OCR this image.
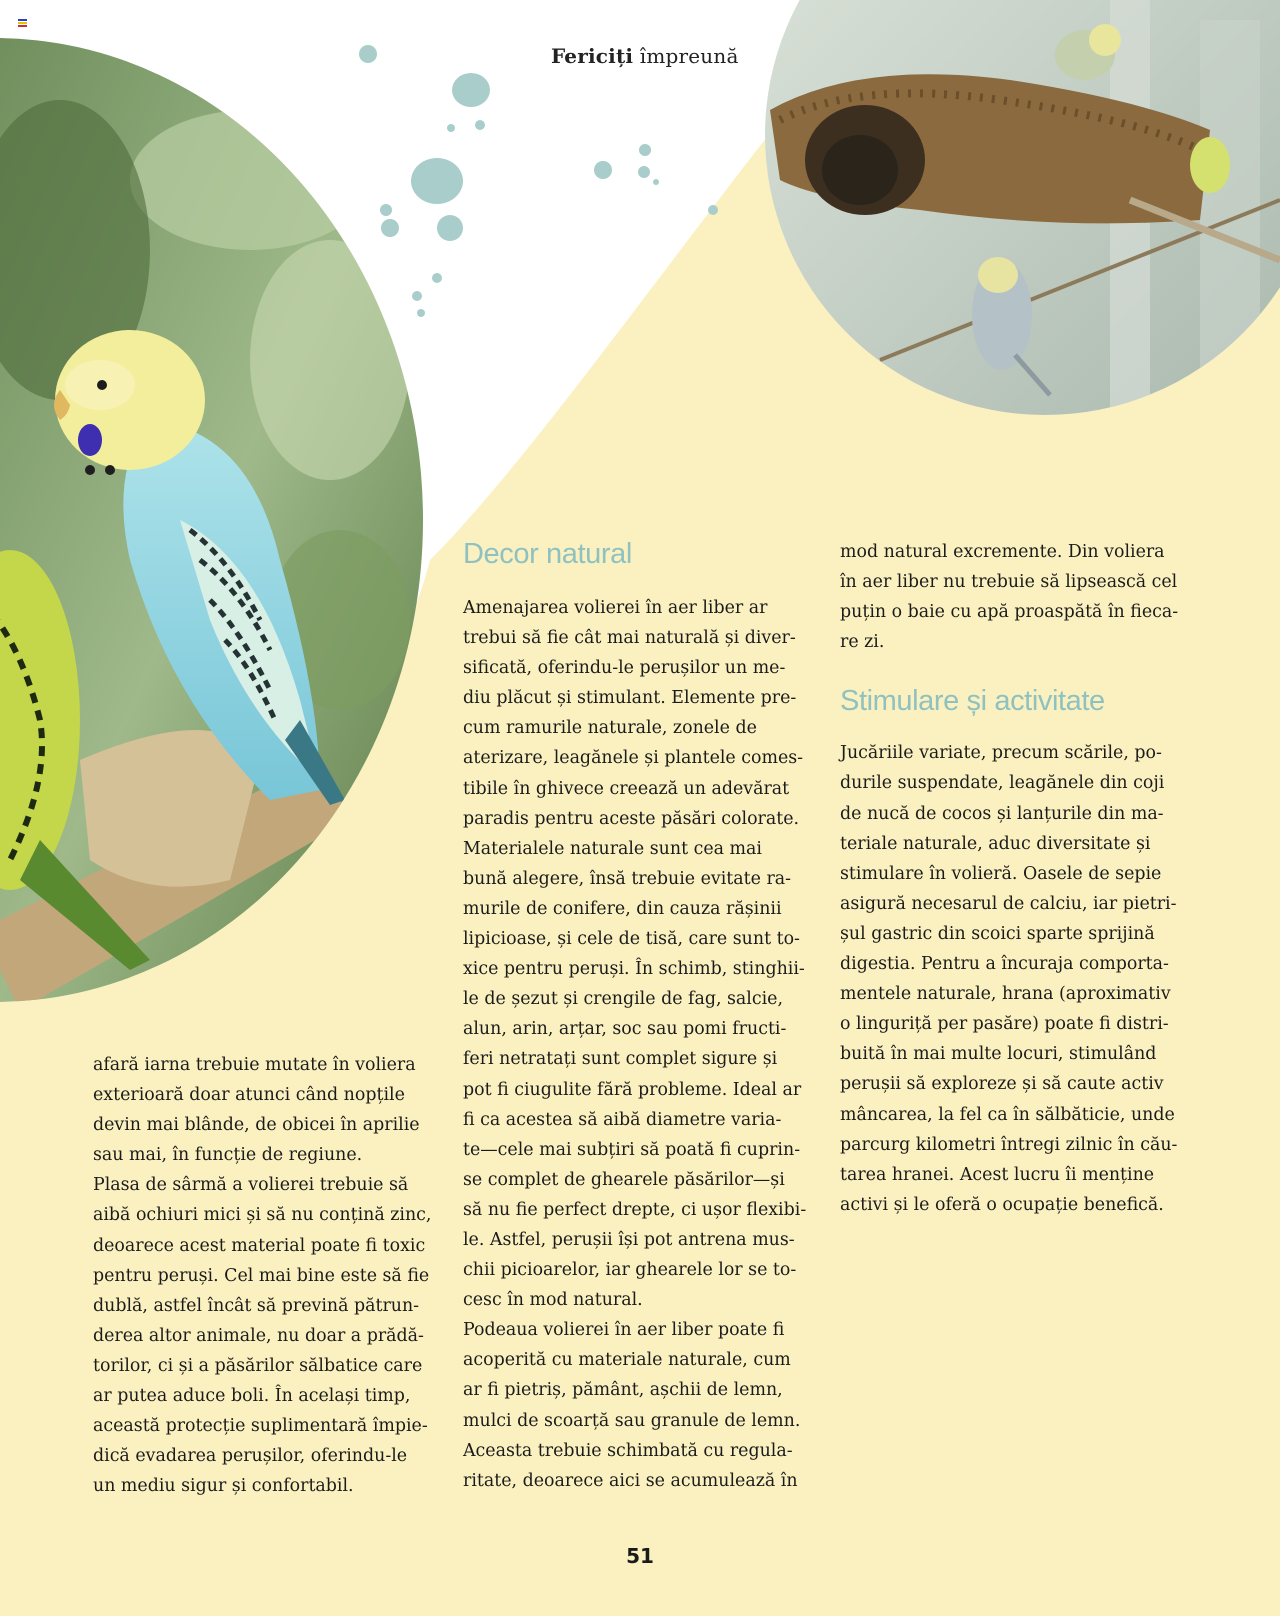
Fericiți împreună

afară iarna trebuie mutate în voliera
exterioară doar atunci când nopțile
devin mai blânde, de obicei în aprilie
sau mai, în funcție de regiune.
Plasa de sârmă a volierei trebuie să
aibă ochiuri mici și să nu conțină zinc,
deoarece acest material poate fi toxic
pentru peruși. Cel mai bine este să fie
dublă, astfel încât să prevină pătrun-
derea altor animale, nu doar a prădă-
torilor, ci și a păsărilor sălbatice care
ar putea aduce boli. În același timp,
această protecție suplimentară împie-
dică evadarea perușilor, oferindu-le
un mediu sigur și confortabil.

Decor natural

Amenajarea volierei în aer liber ar
trebui să fie cât mai naturală și diver-
sificată, oferindu-le perușilor un me-
diu plăcut și stimulant. Elemente pre-
cum ramurile naturale, zonele de
aterizare, leagănele și plantele comes-
tibile în ghivece creează un adevărat
paradis pentru aceste păsări colorate.
Materialele naturale sunt cea mai
bună alegere, însă trebuie evitate ra-
murile de conifere, din cauza rășinii
lipicioase, și cele de tisă, care sunt to-
xice pentru peruși. În schimb, stinghii-
le de șezut și crengile de fag, salcie,
alun, arin, arțar, soc sau pomi fructi-
feri netratați sunt complet sigure și
pot fi ciugulite fără probleme. Ideal ar
fi ca acestea să aibă diametre varia-
te—cele mai subțiri să poată fi cuprin-
se complet de ghearele păsărilor—și
să nu fie perfect drepte, ci ușor flexibi-
le. Astfel, perușii își pot antrena mus-
chii picioarelor, iar ghearele lor se to-
cesc în mod natural.
Podeaua volierei în aer liber poate fi
acoperită cu materiale naturale, cum
ar fi pietriș, pământ, așchii de lemn,
mulci de scoarță sau granule de lemn.
Aceasta trebuie schimbată cu regula-
ritate, deoarece aici se acumulează în

mod natural excremente. Din voliera
în aer liber nu trebuie să lipsească cel
puțin o baie cu apă proaspătă în fieca-
re zi.

Stimulare și activitate

Jucăriile variate, precum scările, po-
durile suspendate, leagănele din coji
de nucă de cocos și lanțurile din ma-
teriale naturale, aduc diversitate și
stimulare în volieră. Oasele de sepie
asigură necesarul de calciu, iar pietri-
șul gastric din scoici sparte sprijină
digestia. Pentru a încuraja comporta-
mentele naturale, hrana (aproximativ
o linguriță per pasăre) poate fi distri-
buită în mai multe locuri, stimulând
perușii să exploreze și să caute activ
mâncarea, la fel ca în sălbăticie, unde
parcurg kilometri întregi zilnic în cău-
tarea hranei. Acest lucru îi menține
activi și le oferă o ocupație benefică.

51
